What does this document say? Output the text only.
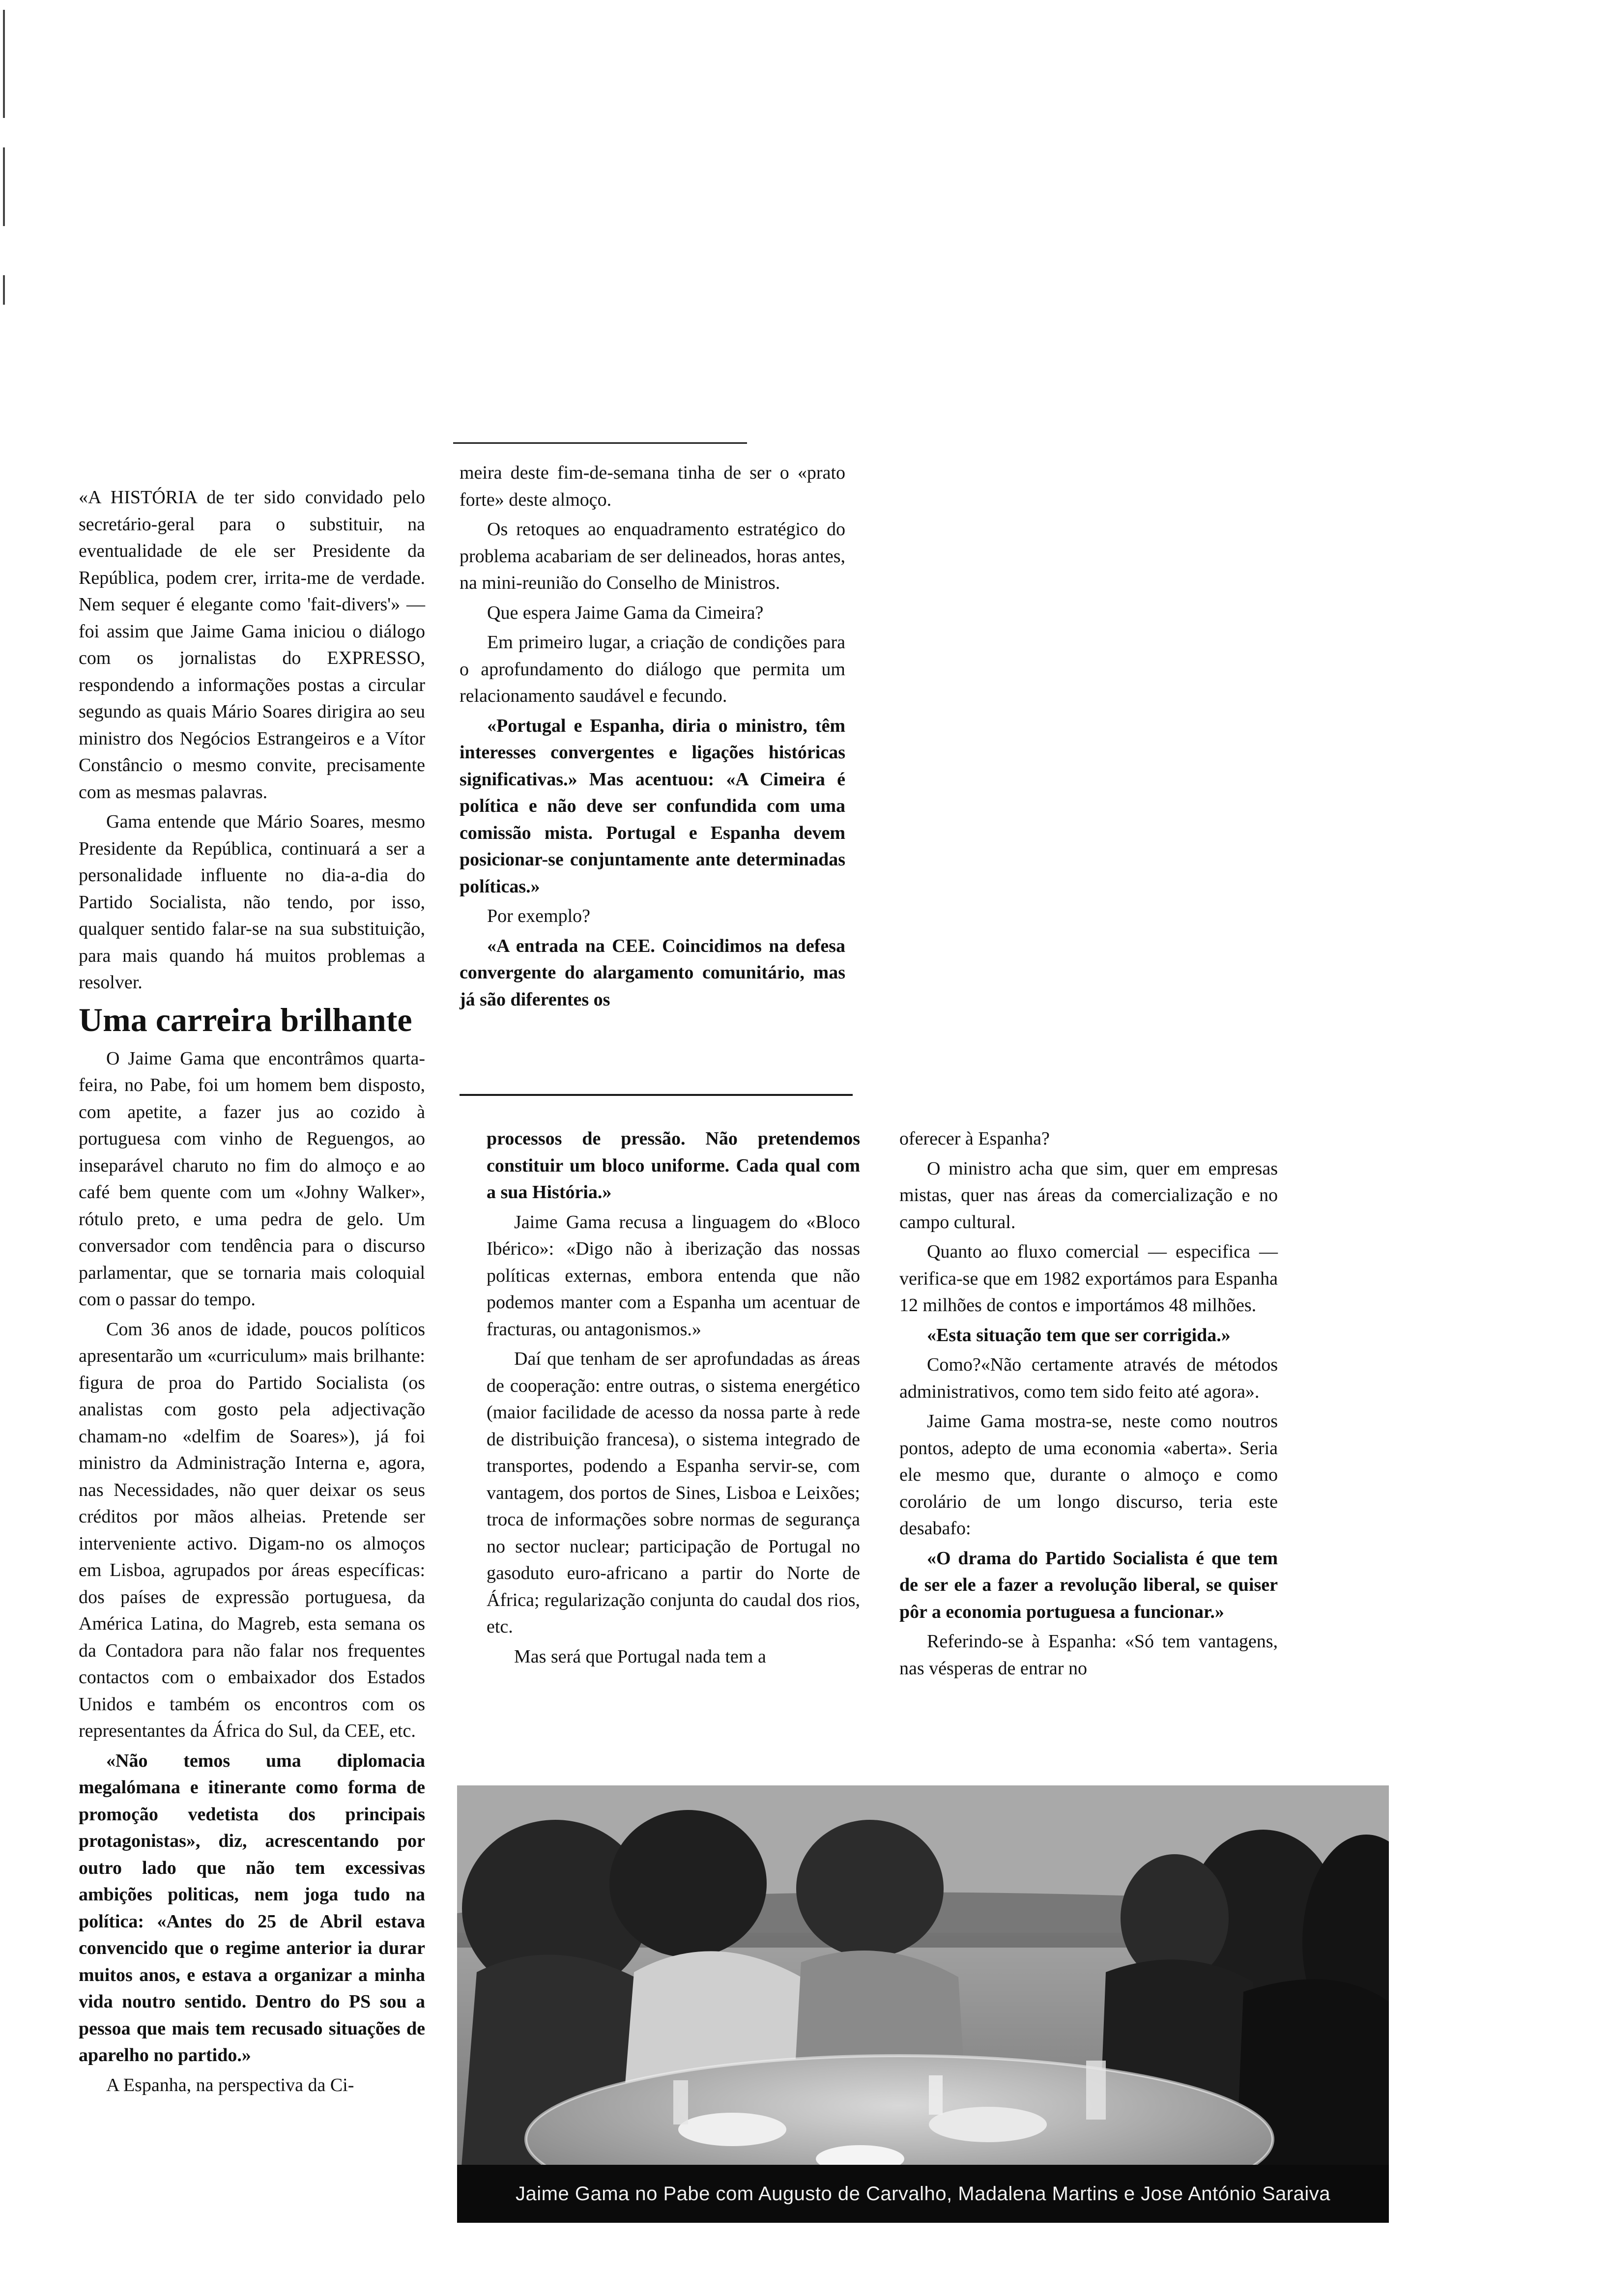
«A HISTÓRIA de ter sido convidado pelo secretário-geral para o substituir, na eventualidade de ele ser Presidente da República, podem crer, irrita-me de verdade. Nem sequer é elegante como 'fait-divers'» — foi assim que Jaime Gama iniciou o diálogo com os jornalistas do EXPRESSO, respondendo a informações postas a circular segundo as quais Mário Soares dirigira ao seu ministro dos Negócios Estrangeiros e a Vítor Constâncio o mesmo convite, precisamente com as mesmas palavras.

Gama entende que Mário Soares, mesmo Presidente da República, continuará a ser a personalidade influente no dia-a-dia do Partido Socialista, não tendo, por isso, qualquer sentido falar-se na sua substituição, para mais quando há muitos problemas a resolver.

Uma carreira brilhante

O Jaime Gama que encontrâmos quarta-feira, no Pabe, foi um homem bem disposto, com apetite, a fazer jus ao cozido à portuguesa com vinho de Reguengos, ao inseparável charuto no fim do almoço e ao café bem quente com um «Johny Walker», rótulo preto, e uma pedra de gelo. Um conversador com tendência para o discurso parlamentar, que se tornaria mais coloquial com o passar do tempo.

Com 36 anos de idade, poucos políticos apresentarão um «curriculum» mais brilhante: figura de proa do Partido Socialista (os analistas com gosto pela adjectivação chamam-no «delfim de Soares»), já foi ministro da Administração Interna e, agora, nas Necessidades, não quer deixar os seus créditos por mãos alheias. Pretende ser interveniente activo. Digam-no os almoços em Lisboa, agrupados por áreas específicas: dos países de expressão portuguesa, da América Latina, do Magreb, esta semana os da Contadora para não falar nos frequentes contactos com o embaixador dos Estados Unidos e também os encontros com os representantes da África do Sul, da CEE, etc.

«Não temos uma diplomacia megalómana e itinerante como forma de promoção vedetista dos principais protagonistas», diz, acrescentando por outro lado que não tem excessivas ambições politicas, nem joga tudo na política: «Antes do 25 de Abril estava convencido que o regime anterior ia durar muitos anos, e estava a organizar a minha vida noutro sentido. Dentro do PS sou a pessoa que mais tem recusado situações de aparelho no partido.»

A Espanha, na perspectiva da Ci-

meira deste fim-de-semana tinha de ser o «prato forte» deste almoço.

Os retoques ao enquadramento estratégico do problema acabariam de ser delineados, horas antes, na mini-reunião do Conselho de Ministros.

Que espera Jaime Gama da Cimeira?

Em primeiro lugar, a criação de condições para o aprofundamento do diálogo que permita um relacionamento saudável e fecundo.

«Portugal e Espanha, diria o ministro, têm interesses convergentes e ligações históricas significativas.» Mas acentuou: «A Cimeira é política e não deve ser confundida com uma comissão mista. Portugal e Espanha devem posicionar-se conjuntamente ante determinadas políticas.»

Por exemplo?

«A entrada na CEE. Coincidimos na defesa convergente do alargamento comunitário, mas já são diferentes os

processos de pressão. Não pretendemos constituir um bloco uniforme. Cada qual com a sua História.»

Jaime Gama recusa a linguagem do «Bloco Ibérico»: «Digo não à iberização das nossas políticas externas, embora entenda que não podemos manter com a Espanha um acentuar de fracturas, ou antagonismos.»

Daí que tenham de ser aprofundadas as áreas de cooperação: entre outras, o sistema energético (maior facilidade de acesso da nossa parte à rede de distribuição francesa), o sistema integrado de transportes, podendo a Espanha servir-se, com vantagem, dos portos de Sines, Lisboa e Leixões; troca de informações sobre normas de segurança no sector nuclear; participação de Portugal no gasoduto euro-africano a partir do Norte de África; regularização conjunta do caudal dos rios, etc.

Mas será que Portugal nada tem a

oferecer à Espanha?

O ministro acha que sim, quer em empresas mistas, quer nas áreas da comercialização e no campo cultural.

Quanto ao fluxo comercial — especifica — verifica-se que em 1982 exportámos para Espanha 12 milhões de contos e importámos 48 milhões.

«Esta situação tem que ser corrigida.»

Como?«Não certamente através de métodos administrativos, como tem sido feito até agora».

Jaime Gama mostra-se, neste como noutros pontos, adepto de uma economia «aberta». Seria ele mesmo que, durante o almoço e como corolário de um longo discurso, teria este desabafo:

«O drama do Partido Socialista é que tem de ser ele a fazer a revolução liberal, se quiser pôr a economia portuguesa a funcionar.»

Referindo-se à Espanha: «Só tem vantagens, nas vésperas de entrar no

Jaime Gama no Pabe com Augusto de Carvalho, Madalena Martins e Jose António Saraiva
